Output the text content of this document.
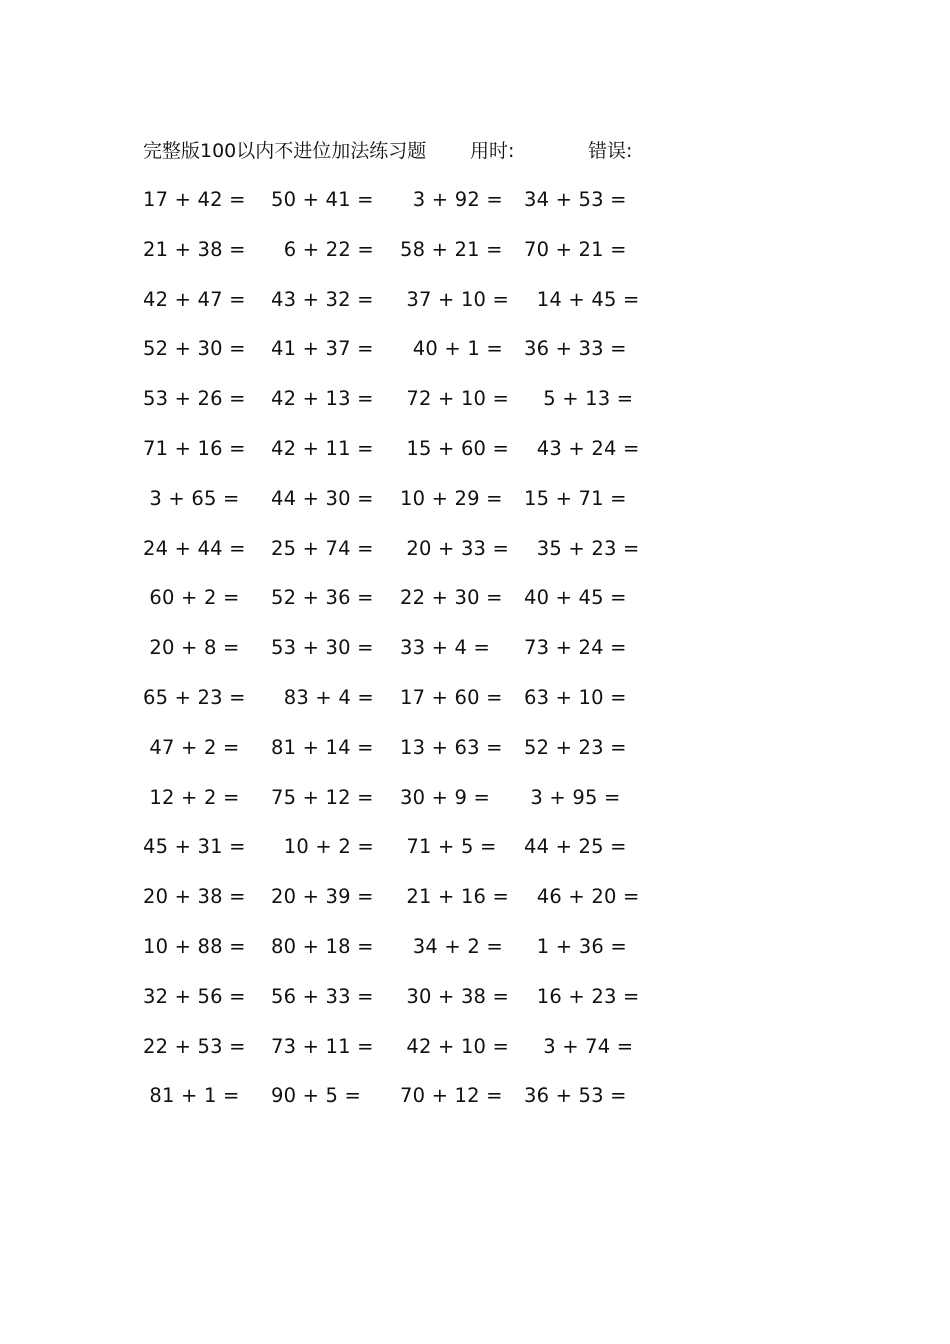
完整版100以内不进位加法练习题 用时:	错误:
17 + 42 = 50 + 41 = 3 + 92 = 34 + 53 =
21 + 38 = 6 + 22 = 58 + 21 = 70 + 21 =
42 + 47 = 43 + 32 = 37 + 10 = 14 + 45 =
52 + 30 = 41 + 37 = 40 + 1 = 36 + 33 =
53 + 26 = 42 + 13 = 72 + 10 = 5 + 13 =
71 + 16 = 42 + 11 = 15 + 60 = 43 + 24 =
3 + 65 = 44 + 30 = 10 + 29 = 15 + 71 =
24 + 44 = 25 + 74 = 20 + 33 = 35 + 23 =
60 + 2 = 52 + 36 = 22 + 30 = 40 + 45 =
20 + 8 = 53 + 30 = 33 + 4 = 73 + 24 =
65 + 23 = 83 + 4 = 17 + 60 = 63 + 10 =
47 + 2 = 81 + 14 = 13 + 63 = 52 + 23 =
12 + 2 = 75 + 12 = 30 + 9 = 3 + 95 =
45 + 31 = 10 + 2 = 71 + 5 = 44 + 25 =
20 + 38 = 20 + 39 = 21 + 16 = 46 + 20 =
10 + 88 = 80 + 18 = 34 + 2 = 1 + 36 =
32 + 56 = 56 + 33 = 30 + 38 = 16 + 23 =
22 + 53 = 73 + 11 = 42 + 10 = 3 + 74 =
81 + 1 = 90 + 5 = 70 + 12 = 36 + 53 =
